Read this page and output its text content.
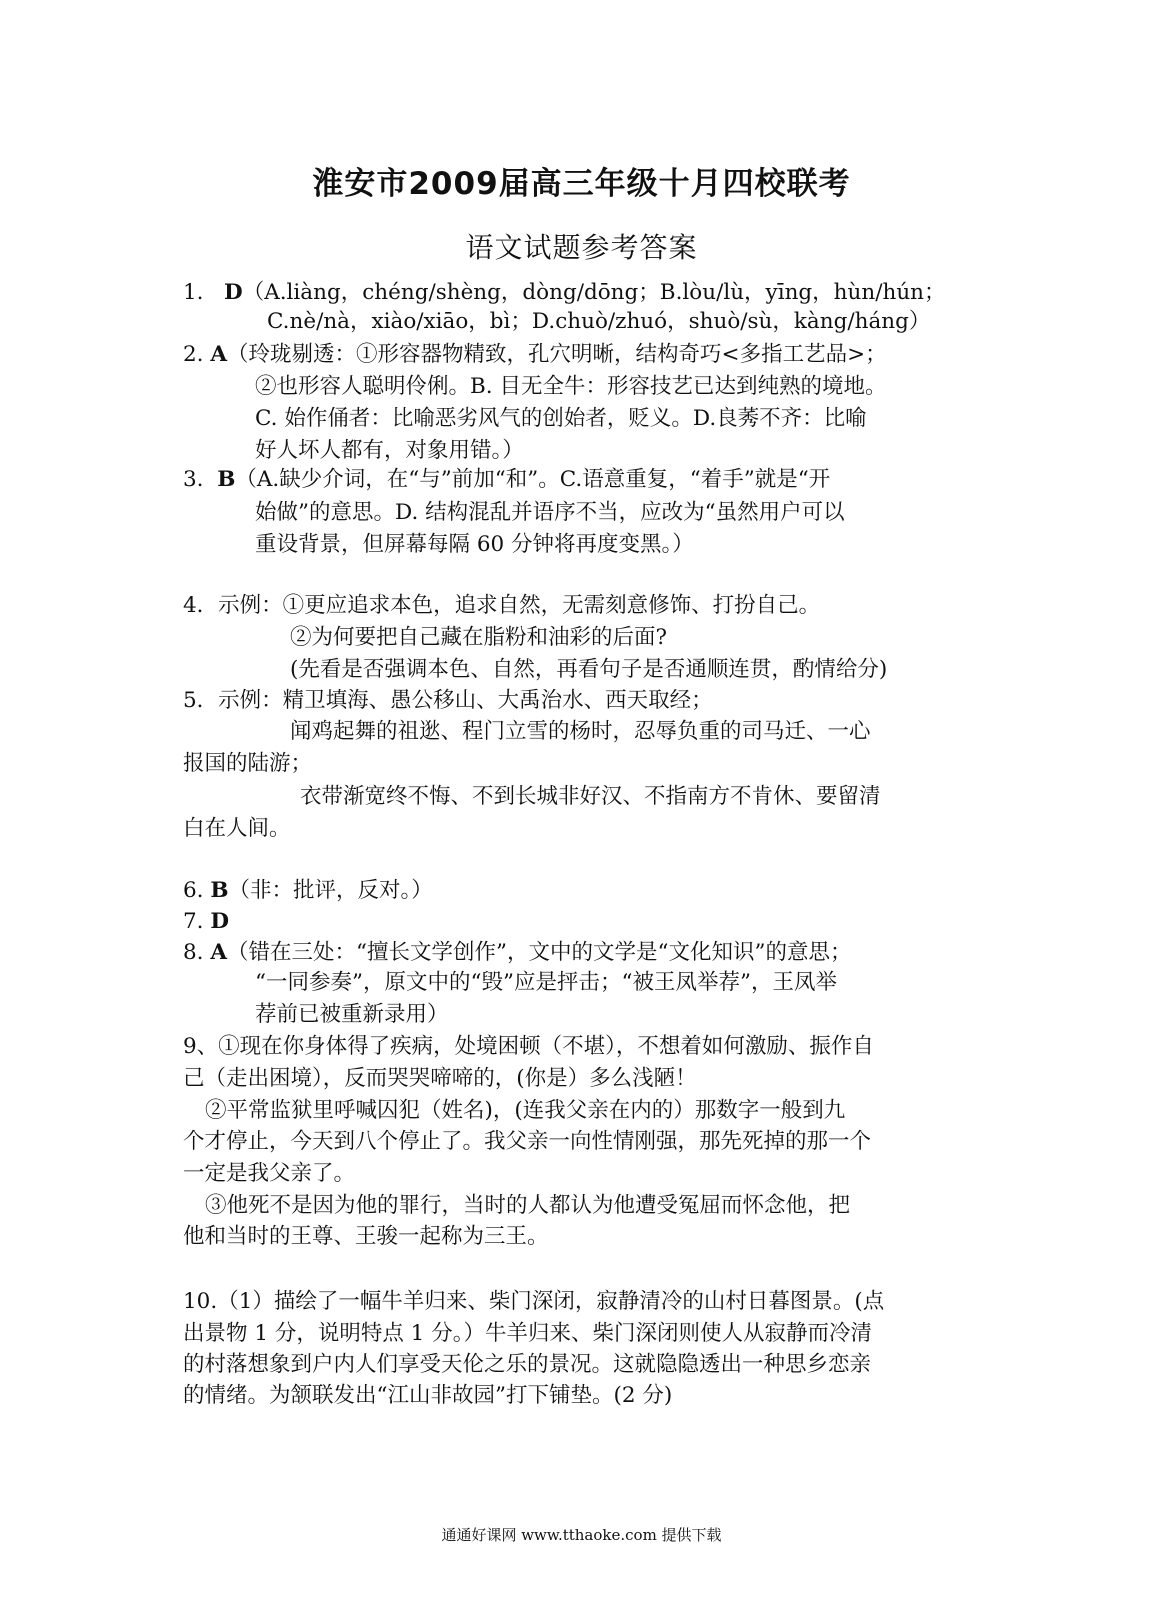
淮安市2009届高三年级十月四校联考
语文试题参考答案
1. D（A.liàng，chéng/shèng，dòng/dōng；B.lòu/lù，yīng，hùn/hún；
C.nè/nà，xiào/xiāo，bì；D.chuò/zhuó，shuò/sù，kàng/háng）
2. A（玲珑剔透：①形容器物精致，孔穴明晰，结构奇巧<多指工艺品>；
②也形容人聪明伶俐。B. 目无全牛：形容技艺已达到纯熟的境地。
C. 始作俑者：比喻恶劣风气的创始者，贬义。D.良莠不齐：比喻
好人坏人都有，对象用错。）
3. B（A.缺少介词，在“与”前加“和”。C.语意重复，“着手”就是“开
始做”的意思。D. 结构混乱并语序不当，应改为“虽然用户可以
重设背景，但屏幕每隔 60 分钟将再度变黑。）
4．示例：①更应追求本色，追求自然，无需刻意修饰、打扮自己。
②为何要把自己藏在脂粉和油彩的后面?
(先看是否强调本色、自然，再看句子是否通顺连贯，酌情给分)
5．示例：精卫填海、愚公移山、大禹治水、西天取经；
闻鸡起舞的祖逖、程门立雪的杨时，忍辱负重的司马迁、一心
报国的陆游；
衣带渐宽终不悔、不到长城非好汉、不指南方不肯休、要留清
白在人间。
6. B（非：批评，反对。）
7. D
8. A（错在三处：“擅长文学创作”，文中的文学是“文化知识”的意思；
“一同参奏”，原文中的“毁”应是抨击；“被王凤举荐”，王凤举
荐前已被重新录用）
9、①现在你身体得了疾病，处境困顿（不堪），不想着如何激励、振作自
己（走出困境），反而哭哭啼啼的，(你是）多么浅陋！
②平常监狱里呼喊囚犯（姓名)，(连我父亲在内的）那数字一般到九
个才停止，今天到八个停止了。我父亲一向性情刚强，那先死掉的那一个
一定是我父亲了。
③他死不是因为他的罪行，当时的人都认为他遭受冤屈而怀念他，把
他和当时的王尊、王骏一起称为三王。
10.（1）描绘了一幅牛羊归来、柴门深闭，寂静清冷的山村日暮图景。(点
出景物 1 分，说明特点 1 分。）牛羊归来、柴门深闭则使人从寂静而冷清
的村落想象到户内人们享受天伦之乐的景况。这就隐隐透出一种思乡恋亲
的情绪。为颔联发出“江山非故园”打下铺垫。(2 分)
通通好课网 www.tthaoke.com 提供下载
